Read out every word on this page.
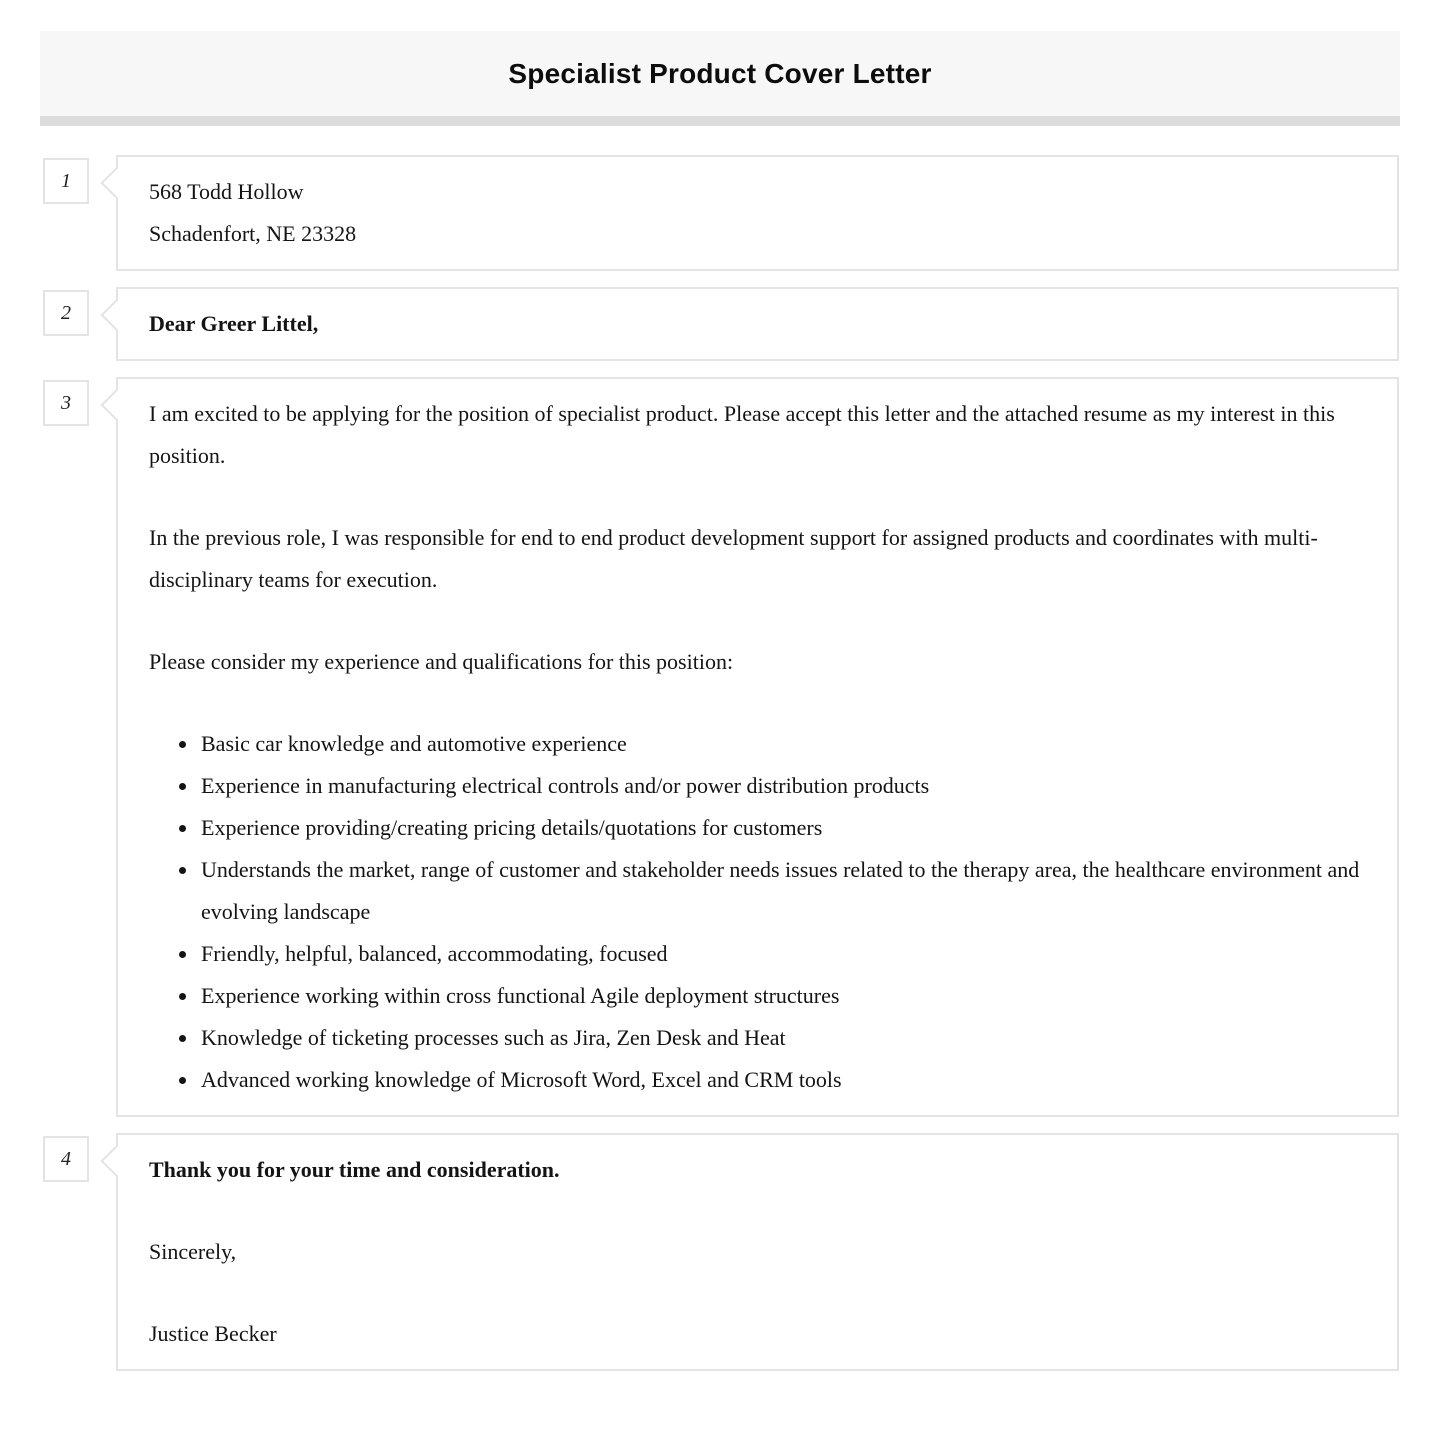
Specialist Product Cover Letter
1	568 Todd Hollow
Schadenfort, NE 23328
2	Dear Greer Littel,
3	I am excited to be applying for the position of specialist product. Please accept this letter and the attached resume as my interest in this position.

In the previous role, I was responsible for end to end product development support for assigned products and coordinates with multi-disciplinary teams for execution.

Please consider my experience and qualifications for this position:

• Basic car knowledge and automotive experience
• Experience in manufacturing electrical controls and/or power distribution products
• Experience providing/creating pricing details/quotations for customers
• Understands the market, range of customer and stakeholder needs issues related to the therapy area, the healthcare environment and evolving landscape
• Friendly, helpful, balanced, accommodating, focused
• Experience working within cross functional Agile deployment structures
• Knowledge of ticketing processes such as Jira, Zen Desk and Heat
• Advanced working knowledge of Microsoft Word, Excel and CRM tools
4	Thank you for your time and consideration.

Sincerely,

Justice Becker
